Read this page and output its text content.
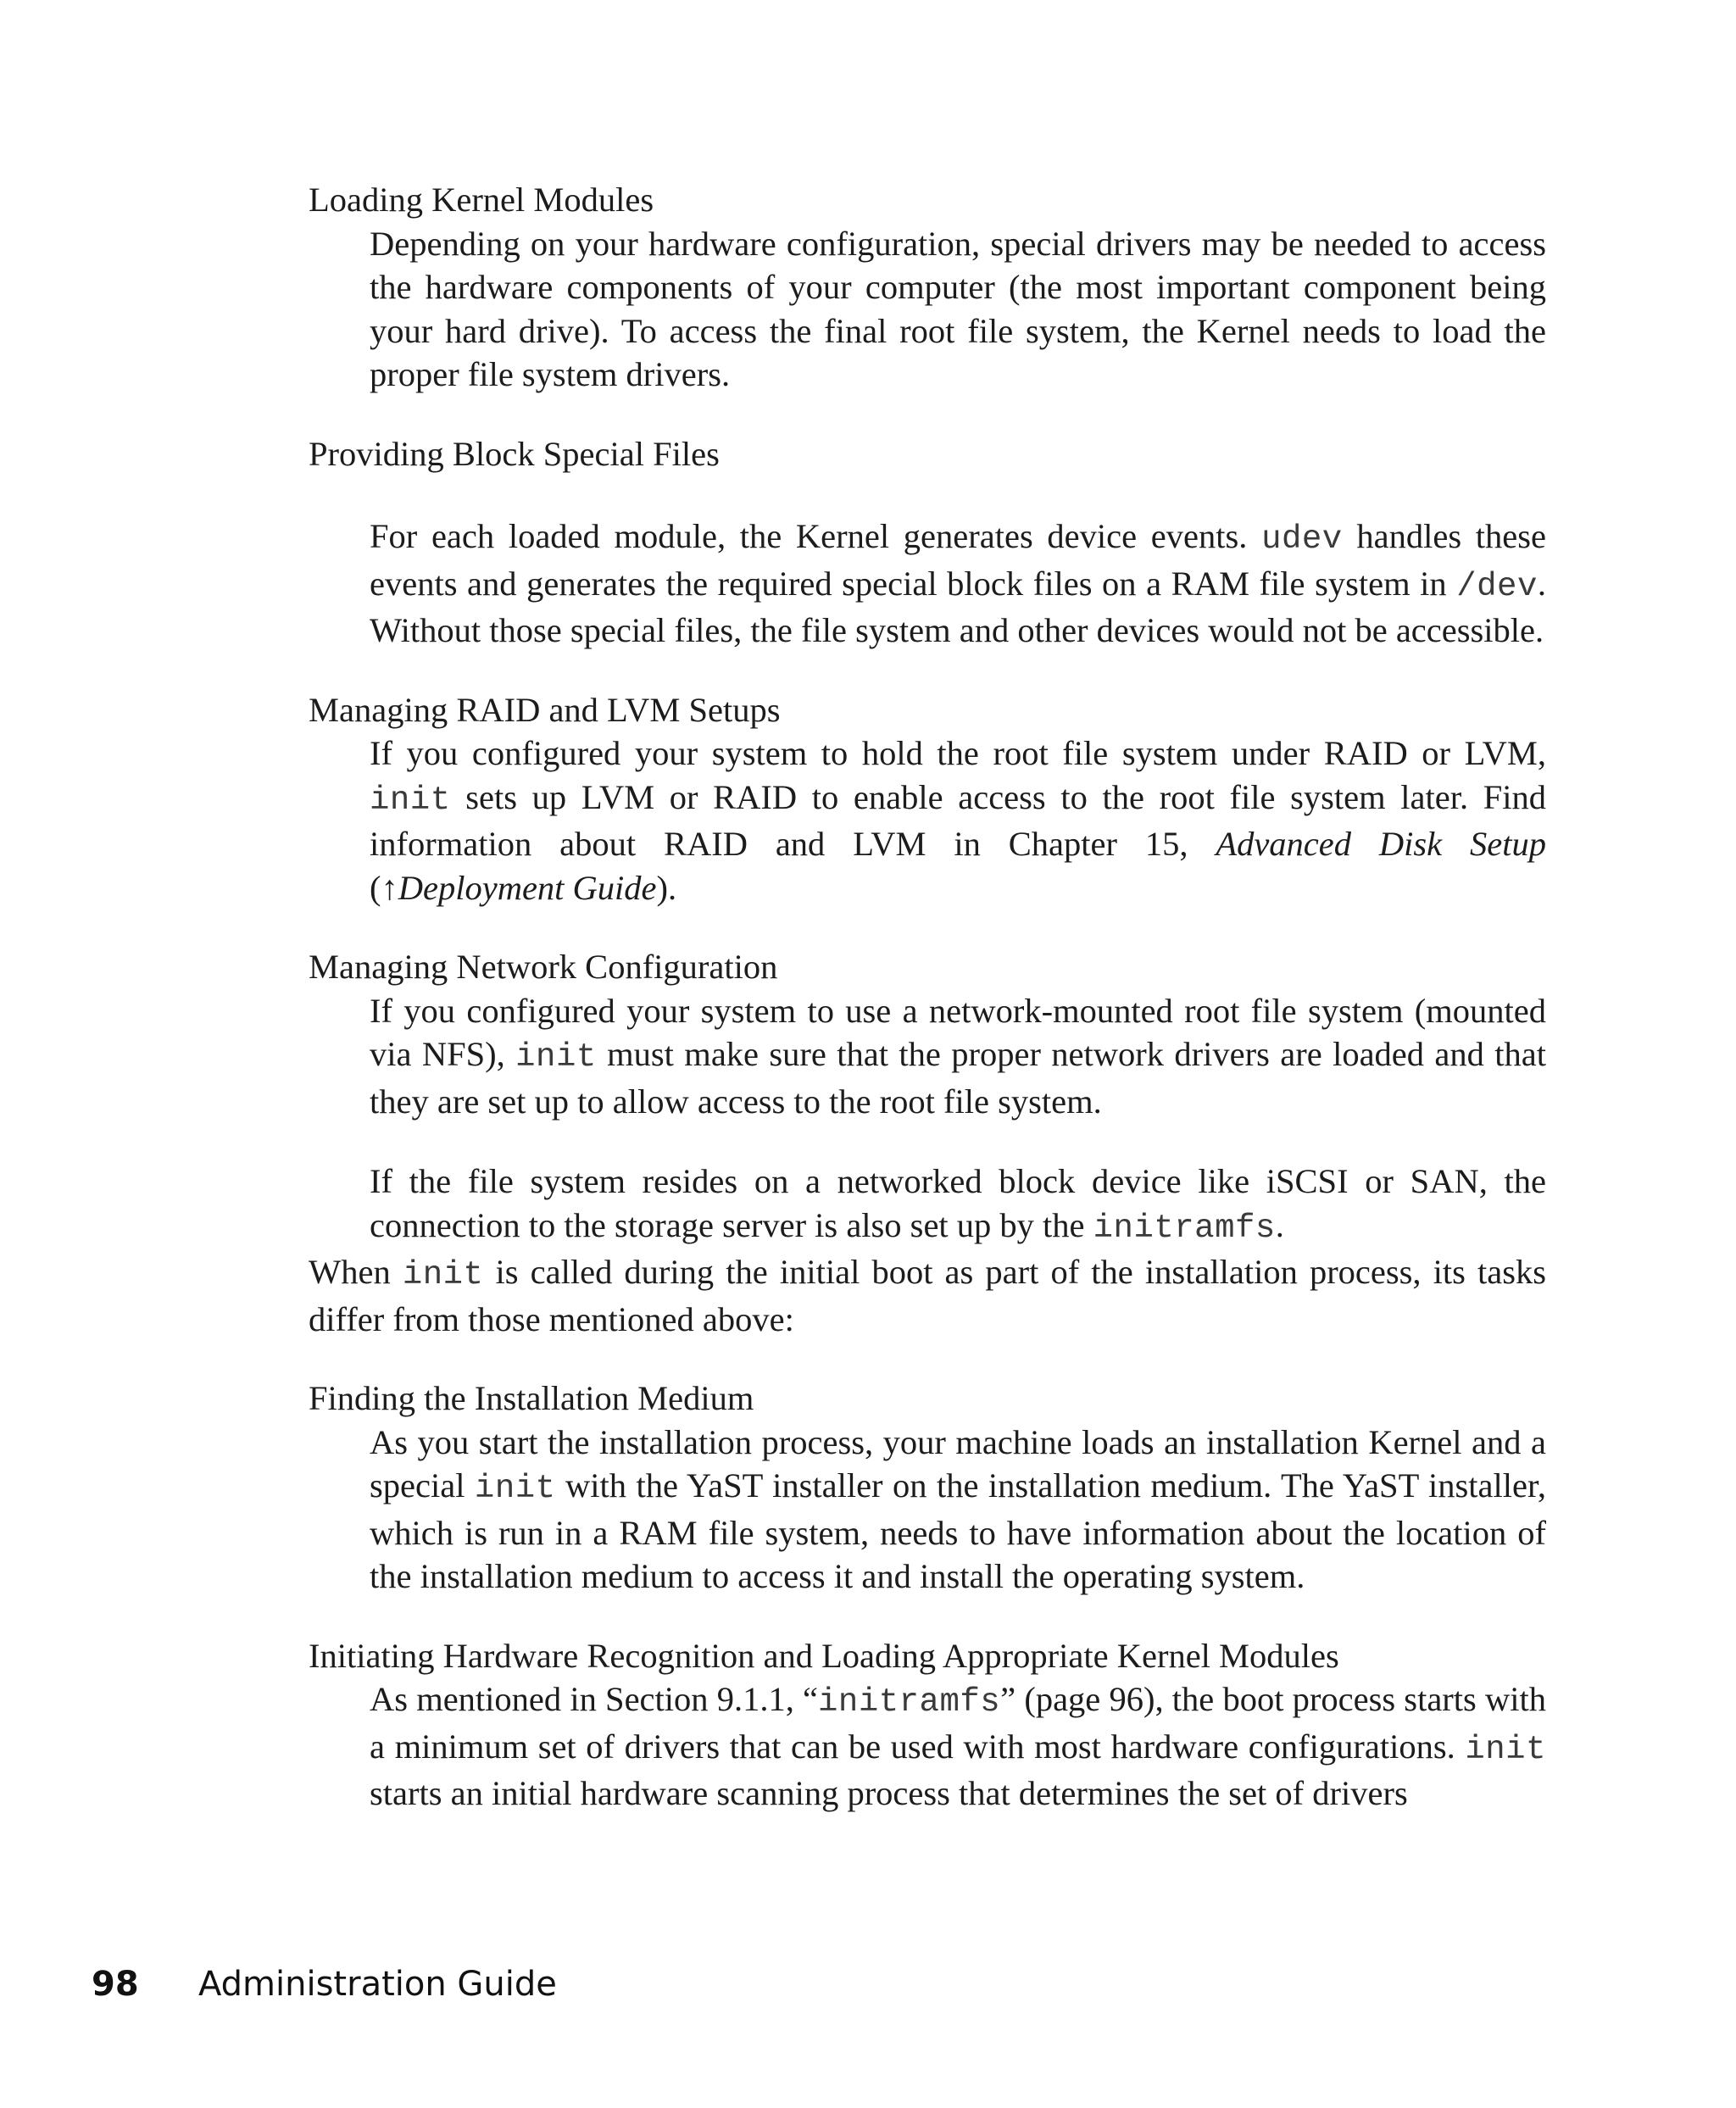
Loading Kernel Modules

Depending on your hardware configuration, special drivers may be needed to access the hardware components of your computer (the most important component being your hard drive). To access the final root file system, the Kernel needs to load the proper file system drivers.

Providing Block Special Files

For each loaded module, the Kernel generates device events. udev handles these events and generates the required special block files on a RAM file system in /dev. Without those special files, the file system and other devices would not be accessible.

Managing RAID and LVM Setups

If you configured your system to hold the root file system under RAID or LVM, init sets up LVM or RAID to enable access to the root file system later. Find information about RAID and LVM in Chapter 15, Advanced Disk Setup (↑Deployment Guide).

Managing Network Configuration

If you configured your system to use a network-mounted root file system (mounted via NFS), init must make sure that the proper network drivers are loaded and that they are set up to allow access to the root file system.

If the file system resides on a networked block device like iSCSI or SAN, the connection to the storage server is also set up by the initramfs.

When init is called during the initial boot as part of the installation process, its tasks differ from those mentioned above:

Finding the Installation Medium

As you start the installation process, your machine loads an installation Kernel and a special init with the YaST installer on the installation medium. The YaST installer, which is run in a RAM file system, needs to have information about the location of the installation medium to access it and install the operating system.

Initiating Hardware Recognition and Loading Appropriate Kernel Modules

As mentioned in Section 9.1.1, “initramfs” (page 96), the boot process starts with a minimum set of drivers that can be used with most hardware configurations. init starts an initial hardware scanning process that determines the set of drivers

98 Administration Guide
